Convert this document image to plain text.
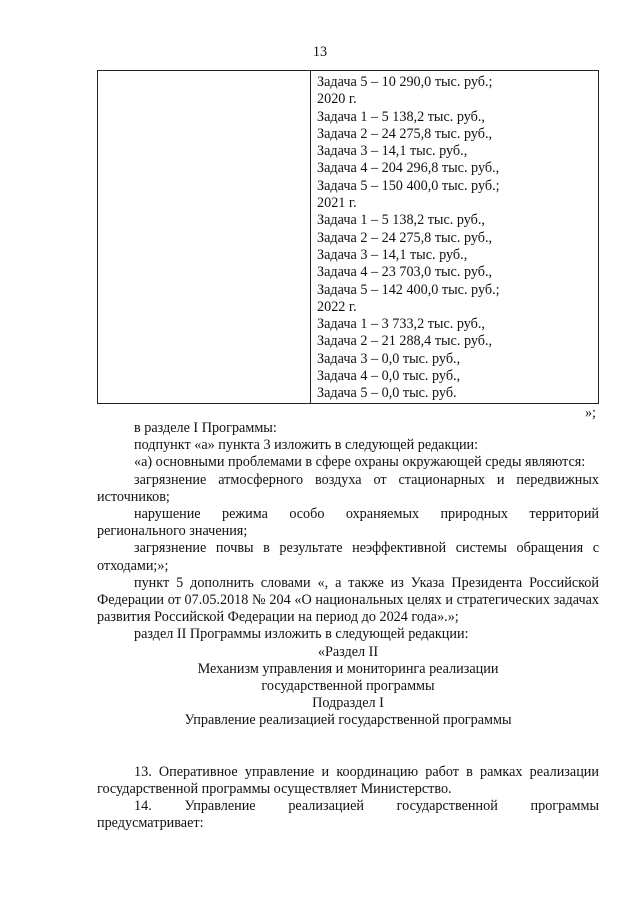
13
Задача 5 – 10 290,0 тыс. руб.;
2020 г.
Задача 1 – 5 138,2 тыс. руб.,
Задача 2 – 24 275,8 тыс. руб.,
Задача 3 – 14,1 тыс. руб.,
Задача 4 – 204 296,8 тыс. руб.,
Задача 5 – 150 400,0 тыс. руб.;
2021 г.
Задача 1 – 5 138,2 тыс. руб.,
Задача 2 – 24 275,8 тыс. руб.,
Задача 3 – 14,1 тыс. руб.,
Задача 4 – 23 703,0 тыс. руб.,
Задача 5 – 142 400,0 тыс. руб.;
2022 г.
Задача 1 – 3 733,2 тыс. руб.,
Задача 2 – 21 288,4 тыс. руб.,
Задача 3 – 0,0 тыс. руб.,
Задача 4 – 0,0 тыс. руб.,
Задача 5 – 0,0 тыс. руб.
»;
в разделе I Программы:
подпункт «а» пункта 3 изложить в следующей редакции:
«а) основными проблемами в сфере охраны окружающей среды являются:
загрязнение атмосферного воздуха от стационарных и передвижных источников;
нарушение режима особо охраняемых природных территорий регионального значения;
загрязнение почвы в результате неэффективной системы обращения с отходами;»;
пункт 5 дополнить словами «, а также из Указа Президента Российской Федерации от 07.05.2018 № 204 «О национальных целях и стратегических задачах развития Российской Федерации на период до 2024 года».»;
раздел II Программы изложить в следующей редакции:
«Раздел II
Механизм управления и мониторинга реализации
государственной программы
Подраздел I
Управление реализацией государственной программы
13. Оперативное управление и координацию работ в рамках реализации государственной программы осуществляет Министерство.
14. Управление реализацией государственной программы
предусматривает:
